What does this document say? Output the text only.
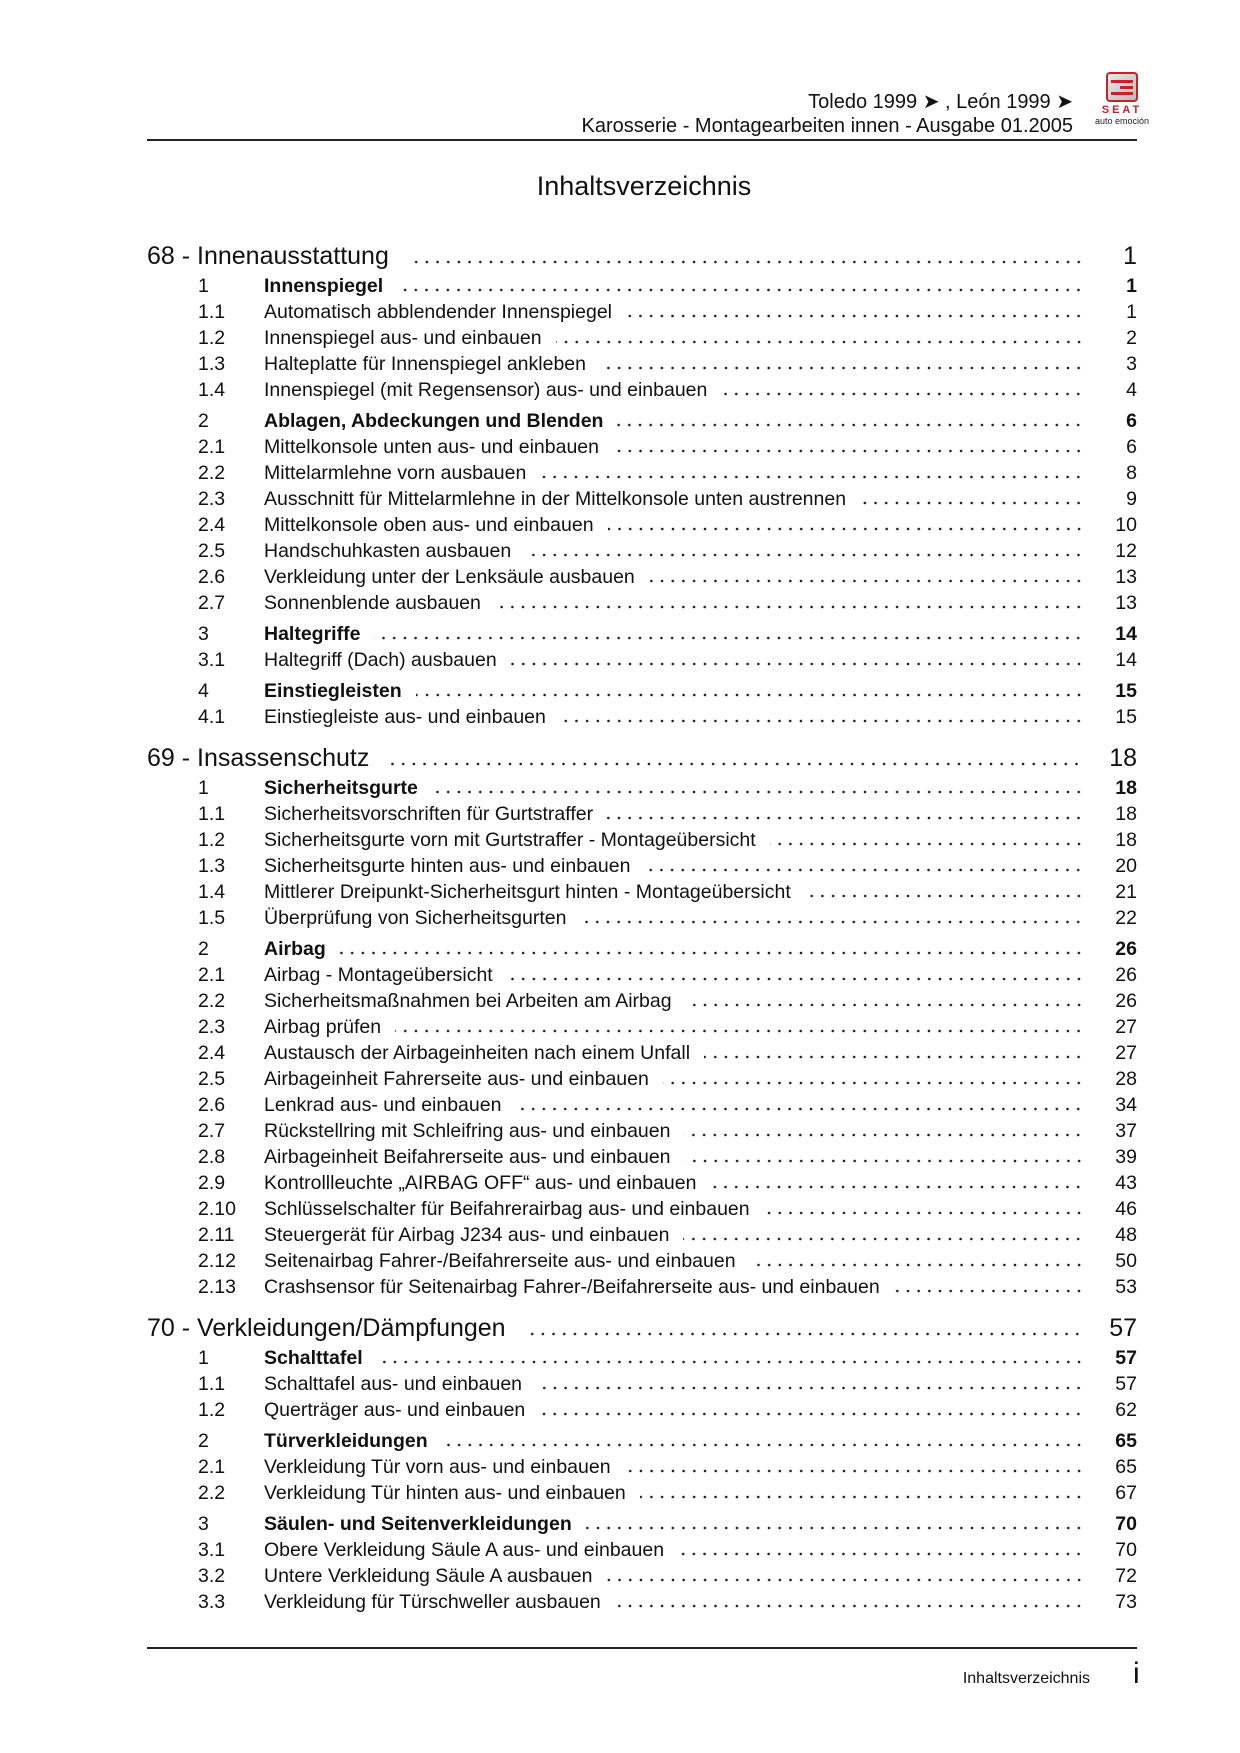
Toledo 1999 ➤ , León 1999 ➤
Karosserie - Montagearbeiten innen - Ausgabe 01.2005
SEAT
auto emoción
Inhaltsverzeichnis
68 - Innenausstattung	1
1	Innenspiegel	1
1.1	Automatisch abblendender Innenspiegel	1
1.2	Innenspiegel aus- und einbauen	2
1.3	Halteplatte für Innenspiegel ankleben	3
1.4	Innenspiegel (mit Regensensor) aus- und einbauen	4
2	Ablagen, Abdeckungen und Blenden	6
2.1	Mittelkonsole unten aus- und einbauen	6
2.2	Mittelarmlehne vorn ausbauen	8
2.3	Ausschnitt für Mittelarmlehne in der Mittelkonsole unten austrennen	9
2.4	Mittelkonsole oben aus- und einbauen	10
2.5	Handschuhkasten ausbauen	12
2.6	Verkleidung unter der Lenksäule ausbauen	13
2.7	Sonnenblende ausbauen	13
3	Haltegriffe	14
3.1	Haltegriff (Dach) ausbauen	14
4	Einstiegleisten	15
4.1	Einstiegleiste aus- und einbauen	15
69 - Insassenschutz	18
1	Sicherheitsgurte	18
1.1	Sicherheitsvorschriften für Gurtstraffer	18
1.2	Sicherheitsgurte vorn mit Gurtstraffer - Montageübersicht	18
1.3	Sicherheitsgurte hinten aus- und einbauen	20
1.4	Mittlerer Dreipunkt-Sicherheitsgurt hinten - Montageübersicht	21
1.5	Überprüfung von Sicherheitsgurten	22
2	Airbag	26
2.1	Airbag - Montageübersicht	26
2.2	Sicherheitsmaßnahmen bei Arbeiten am Airbag	26
2.3	Airbag prüfen	27
2.4	Austausch der Airbageinheiten nach einem Unfall	27
2.5	Airbageinheit Fahrerseite aus- und einbauen	28
2.6	Lenkrad aus- und einbauen	34
2.7	Rückstellring mit Schleifring aus- und einbauen	37
2.8	Airbageinheit Beifahrerseite aus- und einbauen	39
2.9	Kontrollleuchte „AIRBAG OFF“ aus- und einbauen	43
2.10	Schlüsselschalter für Beifahrerairbag aus- und einbauen	46
2.11	Steuergerät für Airbag J234 aus- und einbauen	48
2.12	Seitenairbag Fahrer-/Beifahrerseite aus- und einbauen	50
2.13	Crashsensor für Seitenairbag Fahrer-/Beifahrerseite aus- und einbauen	53
70 - Verkleidungen/Dämpfungen	57
1	Schalttafel	57
1.1	Schalttafel aus- und einbauen	57
1.2	Querträger aus- und einbauen	62
2	Türverkleidungen	65
2.1	Verkleidung Tür vorn aus- und einbauen	65
2.2	Verkleidung Tür hinten aus- und einbauen	67
3	Säulen- und Seitenverkleidungen	70
3.1	Obere Verkleidung Säule A aus- und einbauen	70
3.2	Untere Verkleidung Säule A ausbauen	72
3.3	Verkleidung für Türschweller ausbauen	73
Inhaltsverzeichnis i
